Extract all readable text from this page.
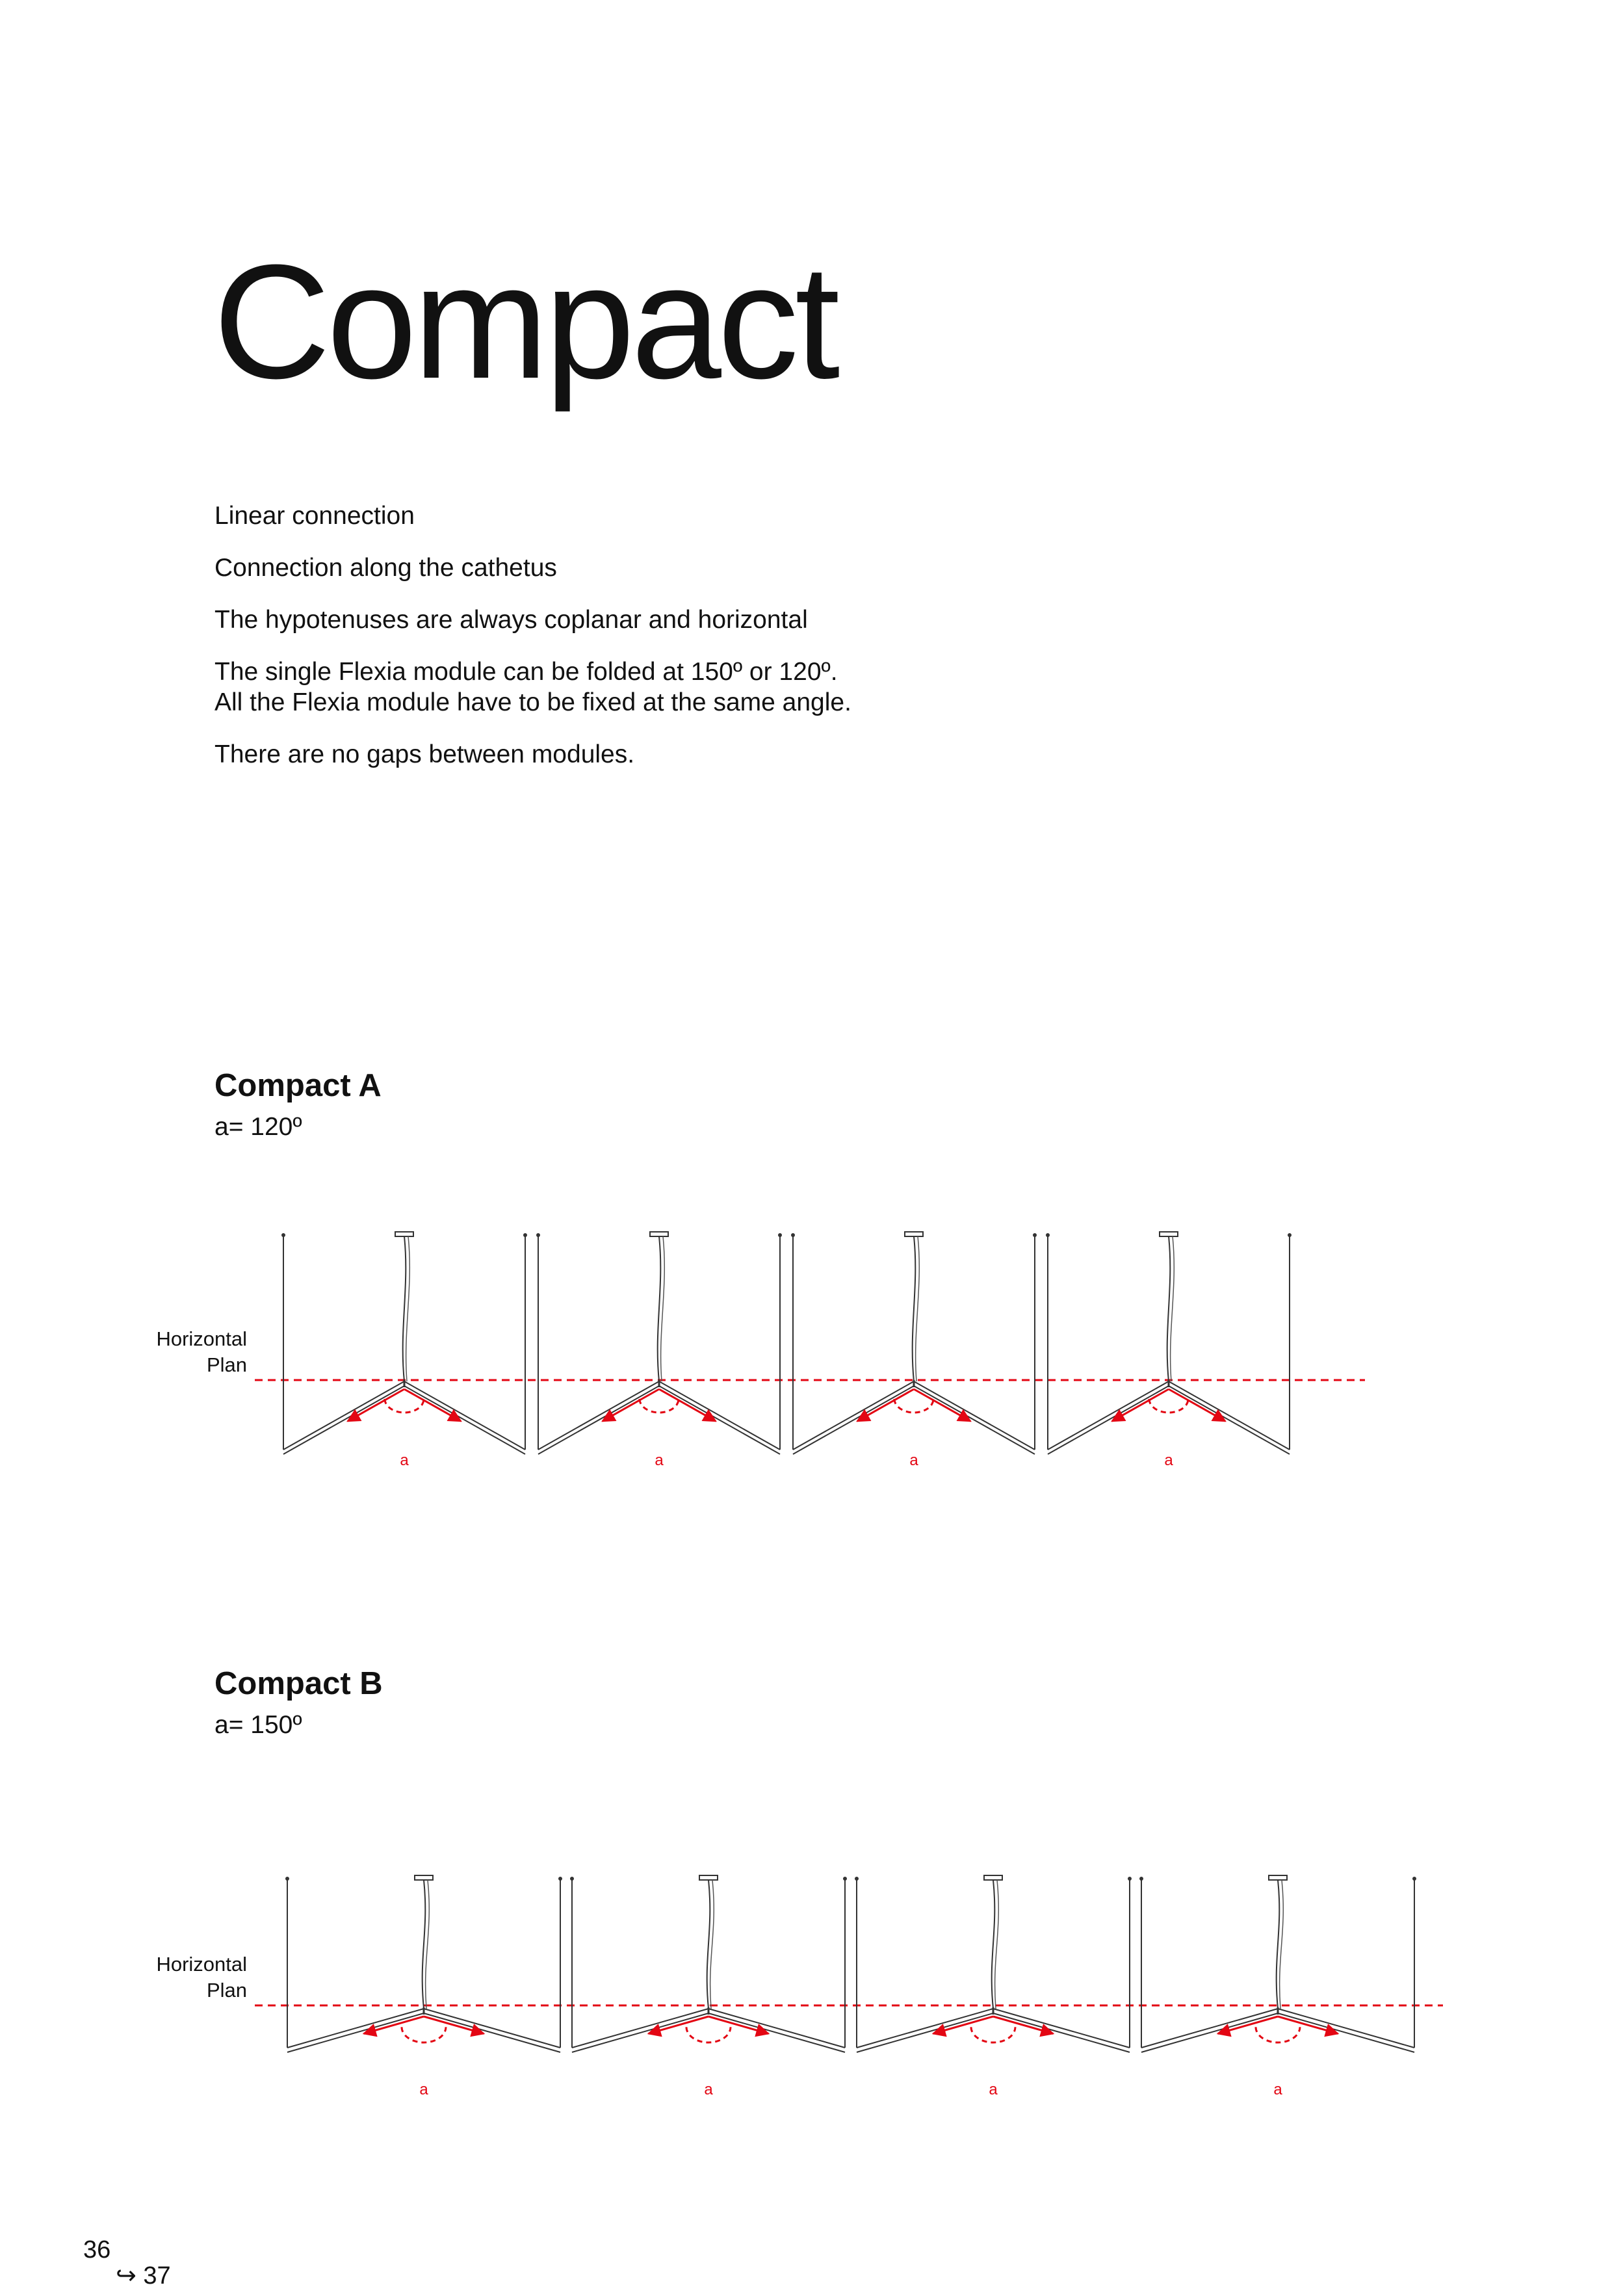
Compact

Linear connection

Connection along the cathetus

The hypotenuses are always coplanar and horizontal

The single Flexia module can be folded at 150º or 120º.
All the Flexia module have to be fixed at the same angle.

There are no gaps between modules.

Compact A
a= 120º
Horizontal
Plan
a	a	a	a
Compact B
a= 150º
Horizontal
Plan
a	a	a	a
36
↪ 37
